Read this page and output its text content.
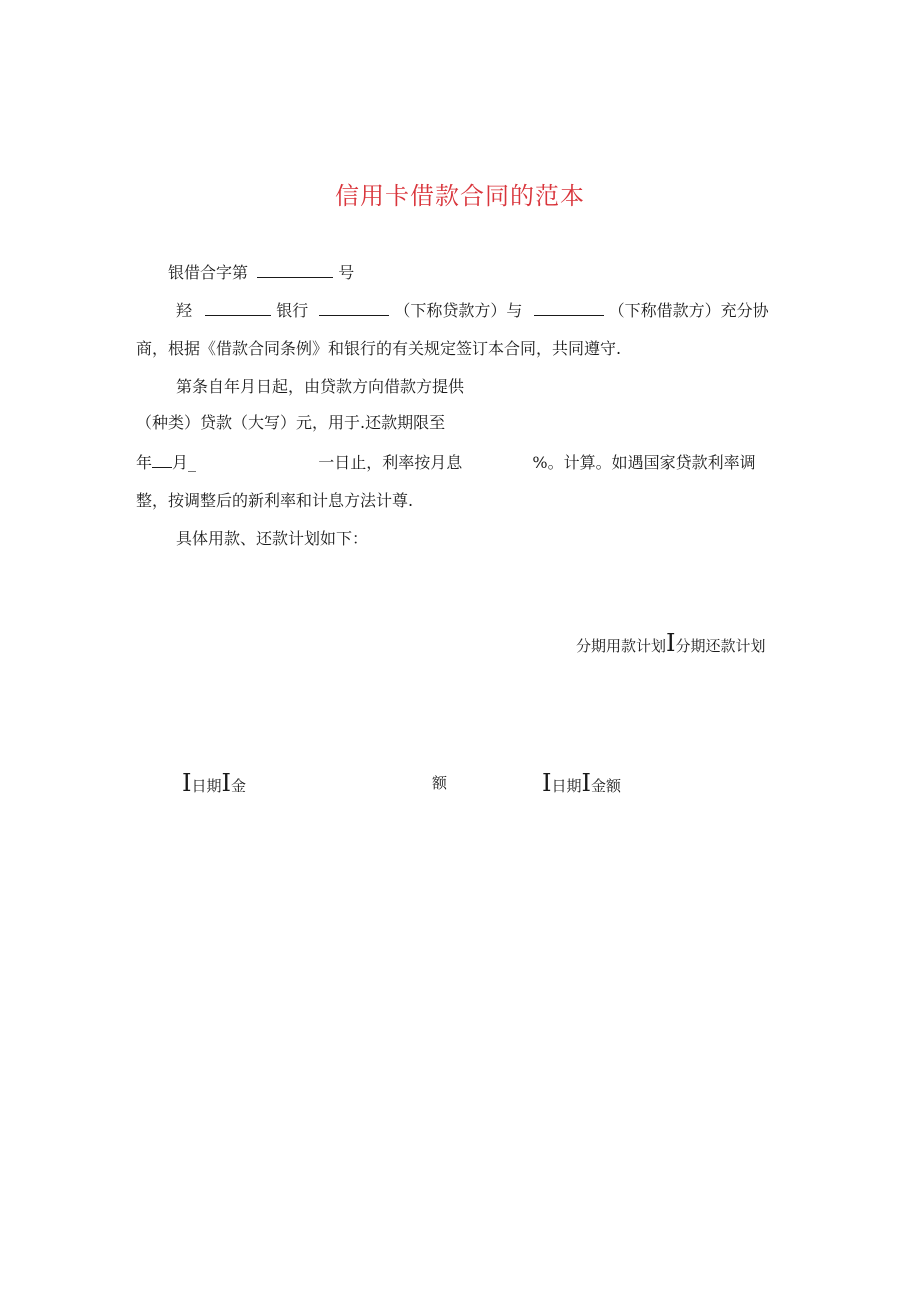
信用卡借款合同的范本
银借合字第	号
羟	银行	（下称贷款方）与	（下称借款方）充分协
商，根据《借款合同条例》和银行的有关规定签订本合同，共同遵守.
第条自年月日起，由贷款方向借款方提供
（种类）贷款（大写）元，用于.还款期限至
年 月_	一日止，利率按月息	%。计算。如遇国家贷款利率调
整，按调整后的新利率和计息方法计尊.
具体用款、还款计划如下：
分期用款计划I分期还款计划
I日期I金	额	I日期I金额
